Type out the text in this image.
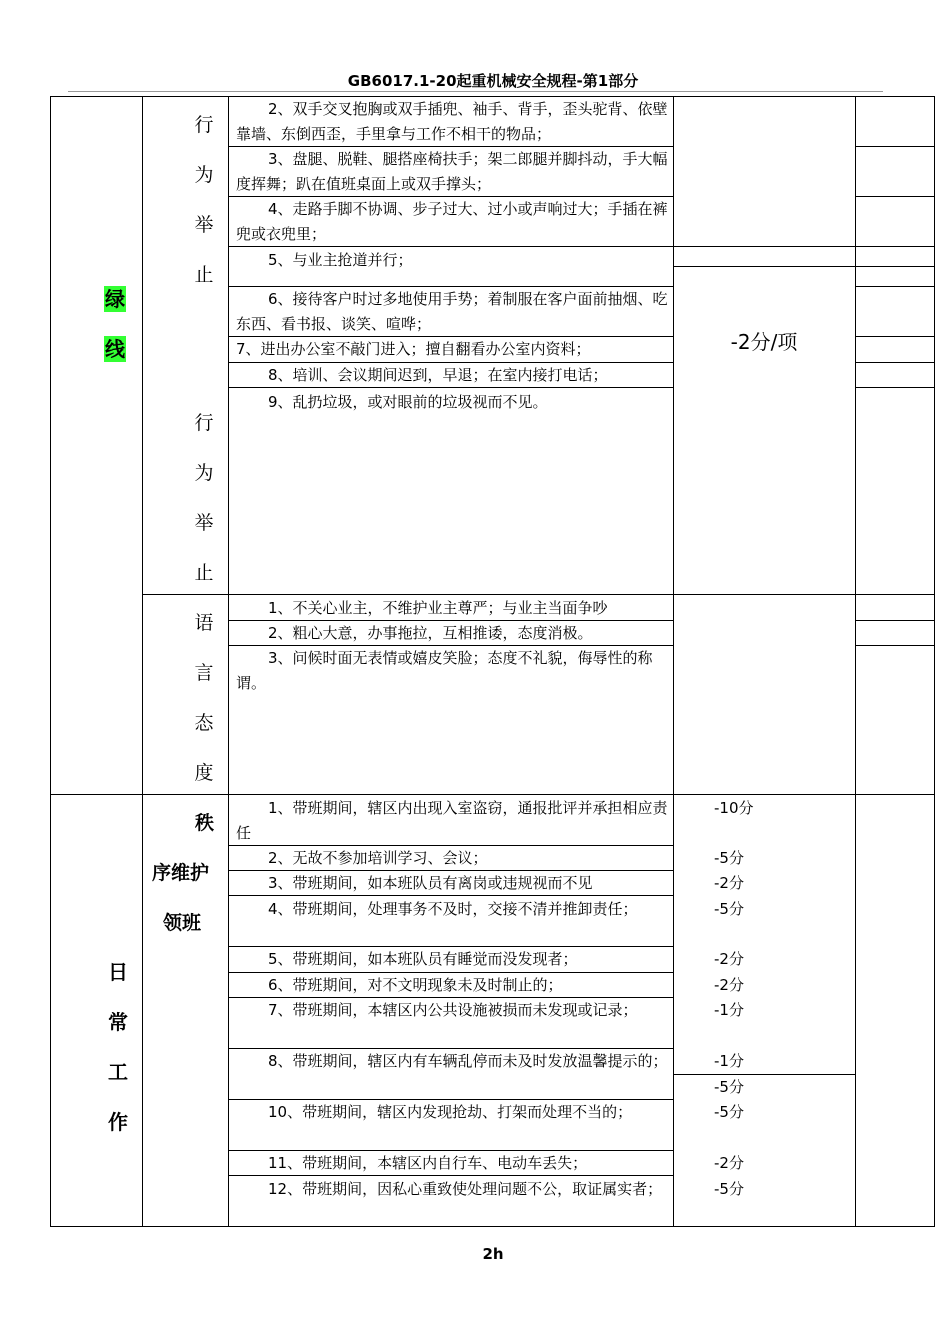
GB6017.1-20起重机械安全规程-第1部分
绿
线
行
为
举
止
行
为
举
止
语
言
态
度
2、双手交叉抱胸或双手插兜、袖手、背手，歪头驼背、依壁靠墙、东倒西歪，手里拿与工作不相干的物品；
3、盘腿、脱鞋、腿搭座椅扶手；架二郎腿并脚抖动，手大幅度挥舞；趴在值班桌面上或双手撑头；
4、走路手脚不协调、步子过大、过小或声响过大；手插在裤兜或衣兜里；
5、与业主抢道并行；
6、接待客户时过多地使用手势；着制服在客户面前抽烟、吃东西、看书报、谈笑、喧哗；
7、进出办公室不敲门进入；擅自翻看办公室内资料；
8、培训、会议期间迟到，早退；在室内接打电话；
9、乱扔垃圾，或对眼前的垃圾视而不见。
1、不关心业主，不维护业主尊严；与业主当面争吵
2、粗心大意，办事拖拉，互相推诿，态度消极。
3、问候时面无表情或嬉皮笑脸；态度不礼貌，侮辱性的称谓。
-2分/项
日
常
工
作
秩
序维护
领班
1、带班期间，辖区内出现入室盗窃，通报批评并承担相应责任
2、无故不参加培训学习、会议；
3、带班期间，如本班队员有离岗或违规视而不见
4、带班期间，处理事务不及时，交接不清并推卸责任；
5、带班期间，如本班队员有睡觉而没发现者；
6、带班期间，对不文明现象未及时制止的；
7、带班期间，本辖区内公共设施被损而未发现或记录；
8、带班期间，辖区内有车辆乱停而未及时发放温馨提示的；
10、带班期间，辖区内发现抢劫、打架而处理不当的；
11、带班期间，本辖区内自行车、电动车丢失；
12、带班期间，因私心重致使处理问题不公，取证属实者；
-10分
-5分
-2分
-5分
-2分
-2分
-1分
-1分
-5分
-5分
-2分
-5分
2h
